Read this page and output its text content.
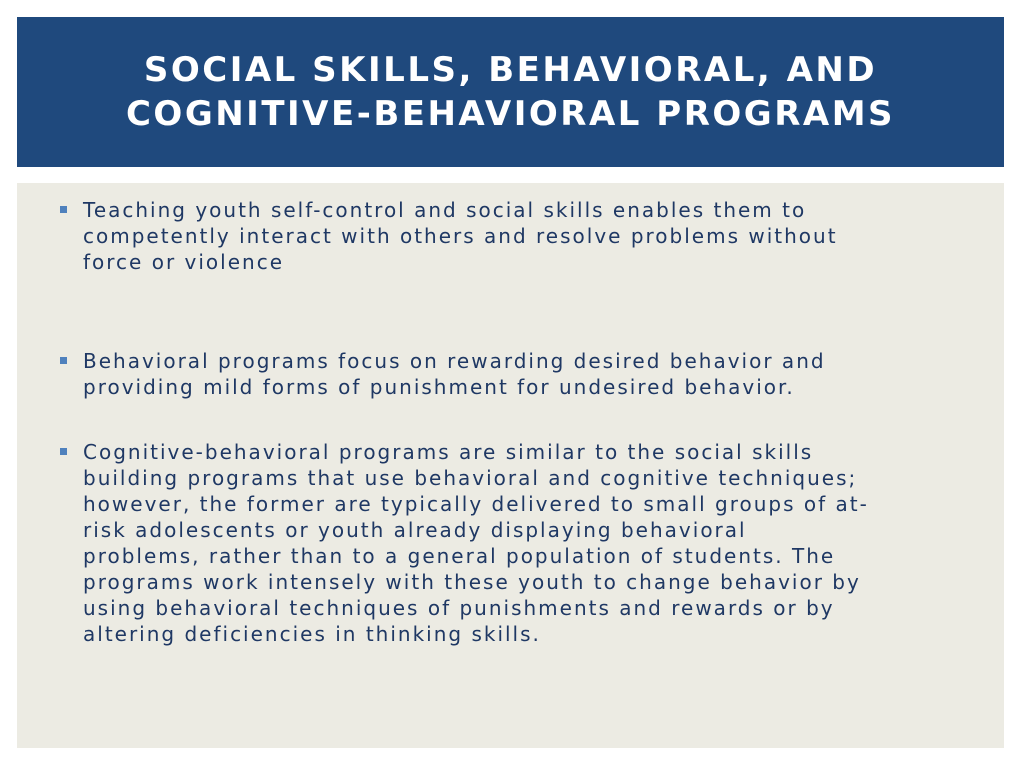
SOCIAL SKILLS, BEHAVIORAL, AND
COGNITIVE-BEHAVIORAL PROGRAMS
Teaching youth self-control and social skills enables them to
competently interact with others and resolve problems without
force or violence
Behavioral programs focus on rewarding desired behavior and
providing mild forms of punishment for undesired behavior.
Cognitive-behavioral programs are similar to the social skills
building programs that use behavioral and cognitive techniques;
however, the former are typically delivered to small groups of at-
risk adolescents or youth already displaying behavioral
problems, rather than to a general population of students. The
programs work intensely with these youth to change behavior by
using behavioral techniques of punishments and rewards or by
altering deficiencies in thinking skills.
